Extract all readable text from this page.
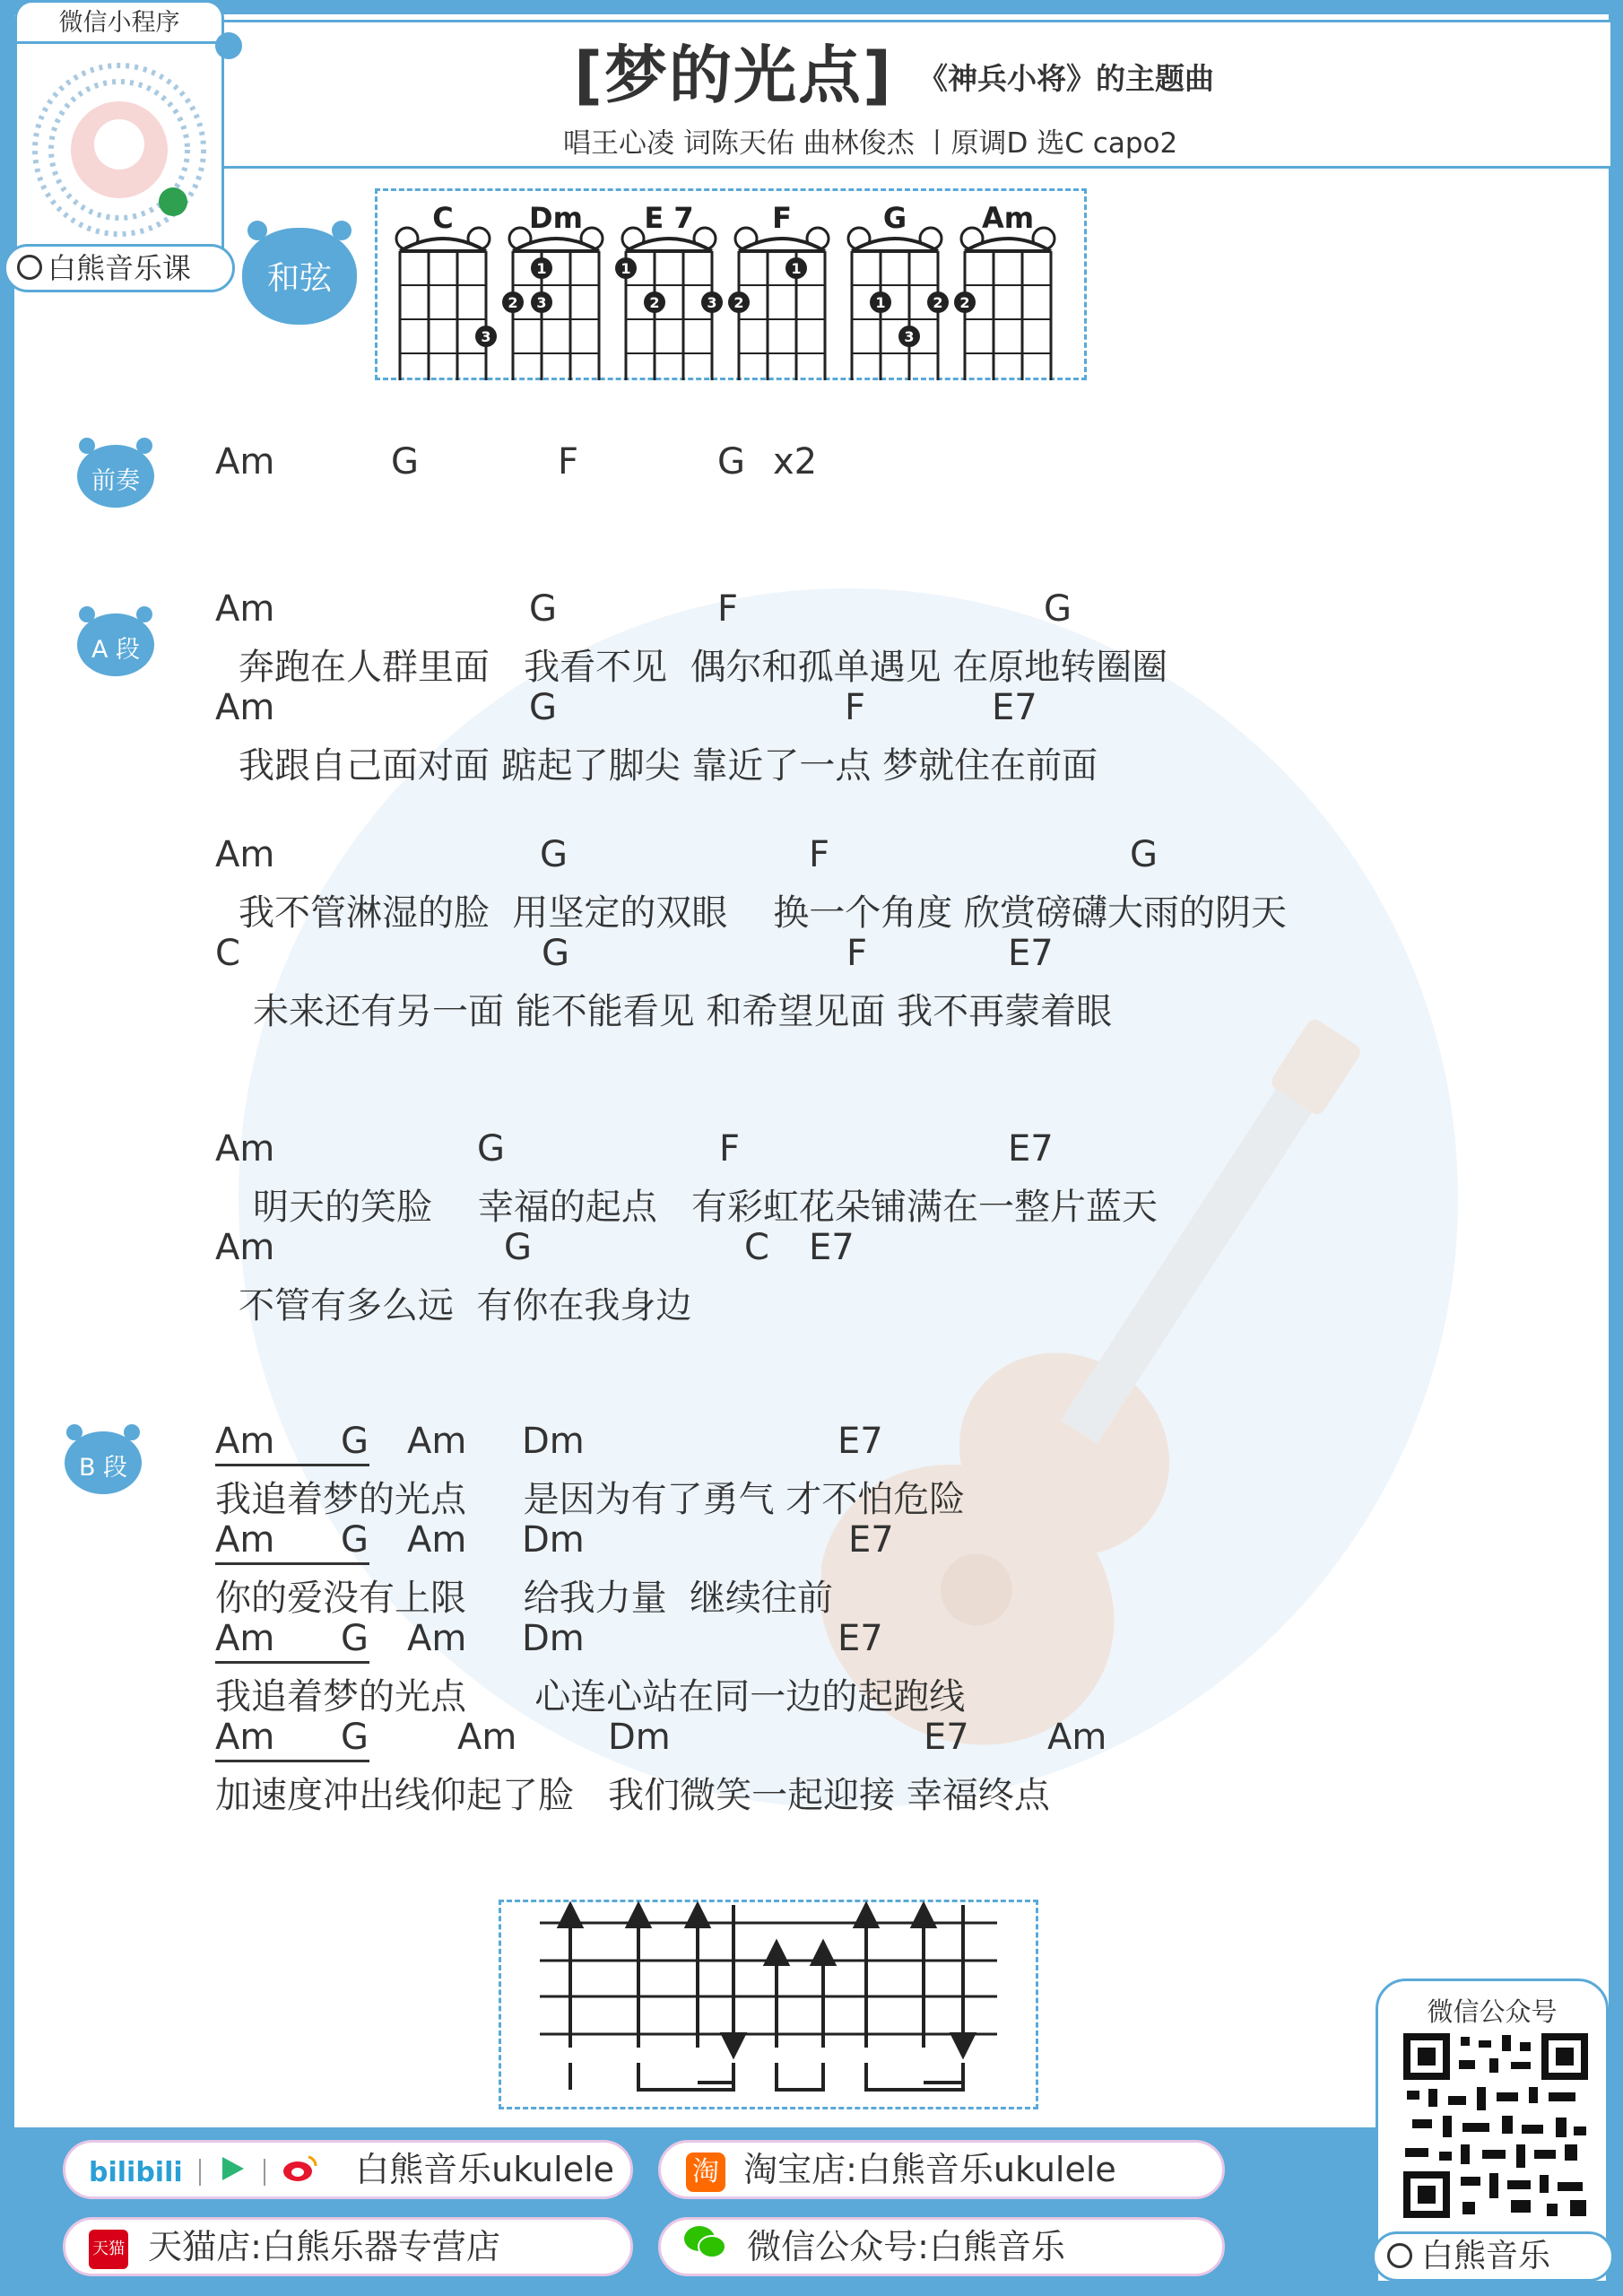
[梦的光点] 《神兵小将》的主题曲
唱王心凌 词陈天佑 曲林俊杰 丨原调D 选C capo2
微信小程序
白熊音乐课	和弦
C
3
Dm
1
2 3
E 7
1
2	3
F
1
2
G
1	2
3
Am
2
前奏
A 段
B 段
Am	G	F	G x2
Am	G	F	G
奔跑在人群里面   我看不见  偶尔和孤单遇见 在原地转圈圈
Am	G	F	E7
我跟自己面对面 踮起了脚尖 靠近了一点 梦就住在前面
Am	G	F	G
我不管淋湿的脸  用坚定的双眼    换一个角度 欣赏磅礴大雨的阴天
C	G	F	E7
未来还有另一面 能不能看见 和希望见面 我不再蒙着眼
Am	G	F	E7
明天的笑脸    幸福的起点   有彩虹花朵铺满在一整片蓝天
Am	G	C E7
不管有多么远  有你在我身边
Am G Am Dm	E7
我追着梦的光点     是因为有了勇气 才不怕危险
Am G Am Dm	E7
你的爱没有上限     给我力量  继续往前
Am G Am Dm	E7
我追着梦的光点      心连心站在同一边的起跑线
Am G Am	Dm	E7 Am
加速度冲出线仰起了脸   我们微笑一起迎接 幸福终点
bilibili	白熊音乐ukulele	淘 淘宝店:白熊音乐ukulele
天猫 天猫店:白熊乐器专营店	微信公众号:白熊音乐
微信公众号
白熊音乐
